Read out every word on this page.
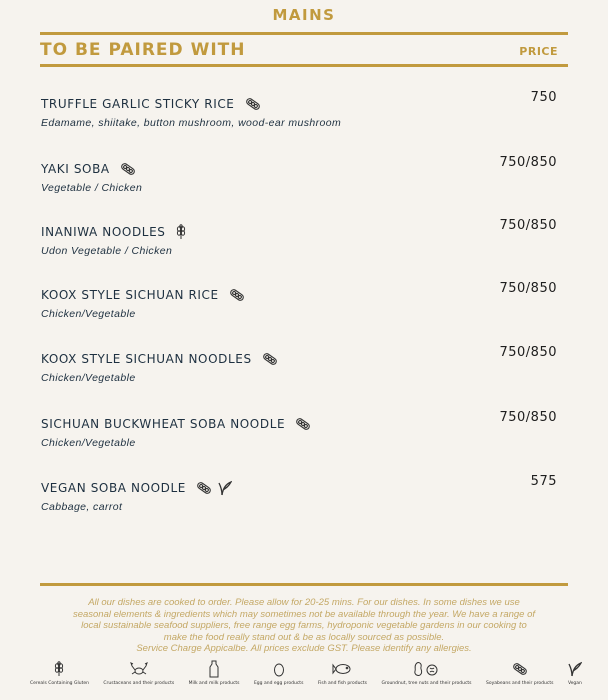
MAINS
TO BE PAIRED WITH	PRICE
TRUFFLE GARLIC STICKY RICE
Edamame, shiitake, button mushroom, wood-ear mushroom
750
YAKI SOBA
Vegetable / Chicken
750/850
INANIWA NOODLES
Udon Vegetable / Chicken
750/850
KOOX STYLE SICHUAN RICE
Chicken/Vegetable
750/850
KOOX STYLE SICHUAN NOODLES
Chicken/Vegetable
750/850
SICHUAN BUCKWHEAT SOBA NOODLE
Chicken/Vegetable
750/850
VEGAN SOBA NOODLE
Cabbage, carrot
575
All our dishes are cooked to order. Please allow for 20-25 mins. For our dishes. In some dishes we use
seasonal elements & ingredients which may sometimes not be available through the year. We have a range of
local sustainable seafood suppliers, free range egg farms, hydroponic vegetable gardens in our cooking to
make the food really stand out & be as locally sourced as possible.
Service Charge Appicalbe. All prices exclude GST. Please identify any allergies.
Cereals Containing Gluten	Crustaceans and their products	Milk and milk products	Egg and egg products	Fish and fish products	Groundnut, tree nuts and their products	Soyabeans and their products	Vegan
